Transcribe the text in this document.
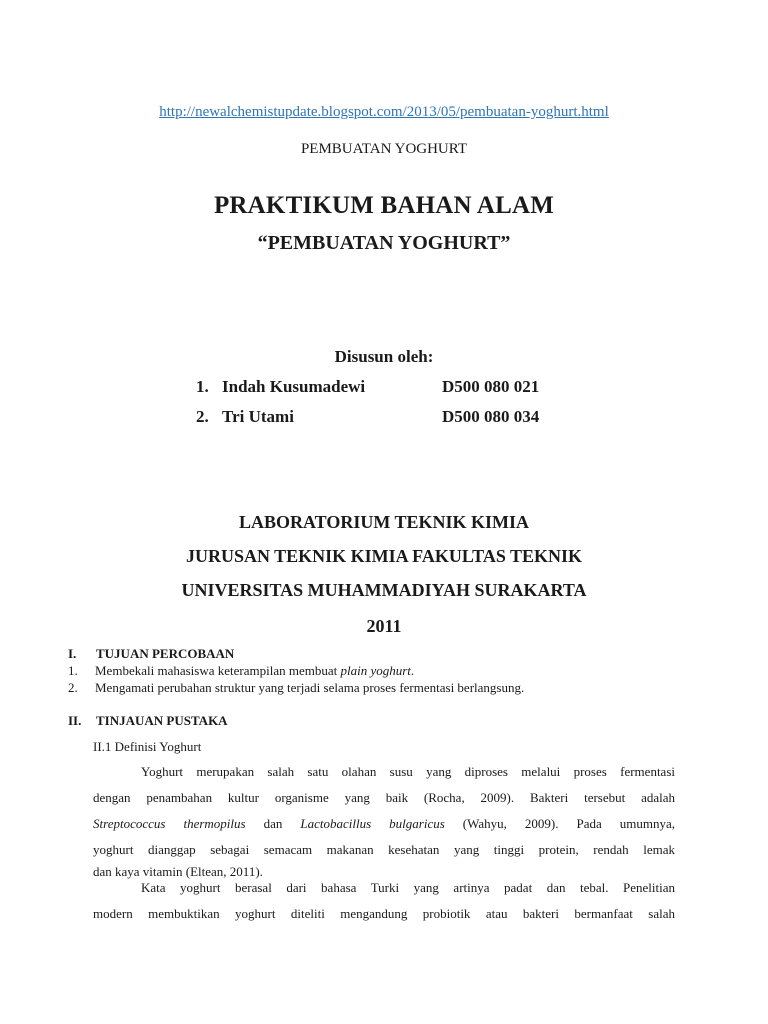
http://newalchemistupdate.blogspot.com/2013/05/pembuatan-yoghurt.html
PEMBUATAN YOGHURT
PRAKTIKUM BAHAN ALAM
“PEMBUATAN YOGHURT”
Disusun oleh:
1. Indah Kusumadewi	D500 080 021
2. Tri Utami	D500 080 034
LABORATORIUM TEKNIK KIMIA
JURUSAN TEKNIK KIMIA FAKULTAS TEKNIK
UNIVERSITAS MUHAMMADIYAH SURAKARTA
2011
I. TUJUAN PERCOBAAN
1. Membekali mahasiswa keterampilan membuat plain yoghurt.
2. Mengamati perubahan struktur yang terjadi selama proses fermentasi berlangsung.
II. TINJAUAN PUSTAKA
II.1 Definisi Yoghurt
Yoghurt merupakan salah satu olahan susu yang diproses melalui proses fermentasi
dengan penambahan kultur organisme yang baik (Rocha, 2009). Bakteri tersebut adalah
Streptococcus thermopilus dan Lactobacillus bulgaricus (Wahyu, 2009). Pada umumnya,
yoghurt dianggap sebagai semacam makanan kesehatan yang tinggi protein, rendah lemak
dan kaya vitamin (Eltean, 2011).
Kata yoghurt berasal dari bahasa Turki yang artinya padat dan tebal. Penelitian
modern membuktikan yoghurt diteliti mengandung probiotik atau bakteri bermanfaat salah
